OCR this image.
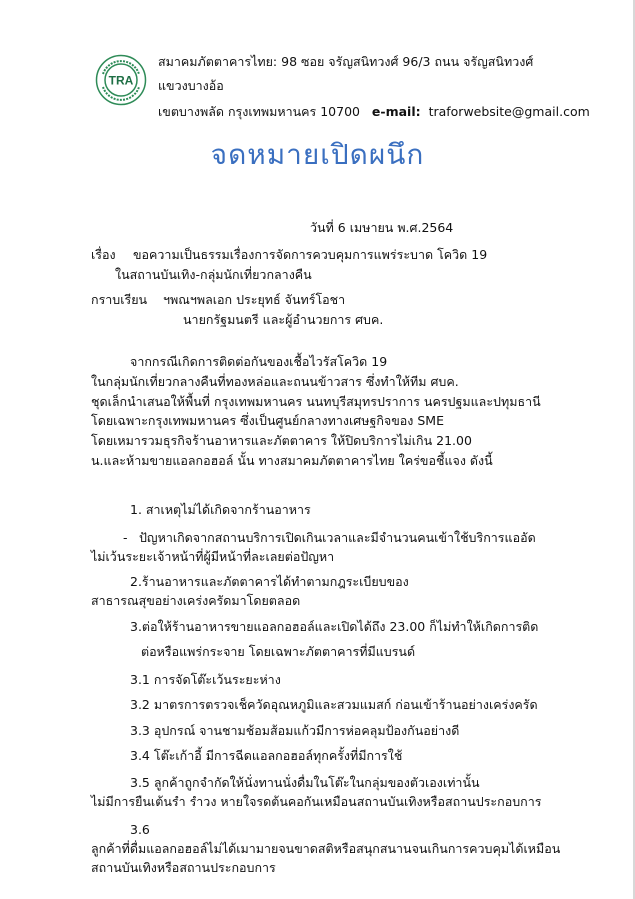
TRA
สมาคมภัตตาคารไทย: 98 ซอย จรัญสนิทวงศ์ 96/3 ถนน จรัญสนิทวงศ์
แขวงบางอ้อ
เขตบางพลัด กรุงเทพมหานคร 10700 e-mail: traforwebsite@gmail.com
จดหมายเปิดผนึก
วันที่ 6 เมษายน พ.ศ.2564
เรื่อง ขอความเป็นธรรมเรื่องการจัดการควบคุมการแพร่ระบาด โควิด 19
ในสถานบันเทิง-กลุ่มนักเที่ยวกลางคืน
กราบเรียน ฯพณฯพลเอก ประยุทธ์ จันทร์โอชา
นายกรัฐมนตรี และผู้อำนวยการ ศบค.
จากกรณีเกิดการติดต่อกันของเชื้อไวรัสโควิด 19
ในกลุ่มนักเที่ยวกลางคืนที่ทองหล่อและถนนข้าวสาร ซึ่งทำให้ทีม ศบค.
ชุดเล็กนำเสนอให้พื้นที่ กรุงเทพมหานคร นนทบุรีสมุทรปราการ นครปฐมและปทุมธานี
โดยเฉพาะกรุงเทพมหานคร ซึ่งเป็นศูนย์กลางทางเศษฐกิจของ SME
โดยเหมารวมธุรกิจร้านอาหารและภัตตาคาร ให้ปิดบริการไม่เกิน 21.00
น.และห้ามขายแอลกอฮอล์ นั้น ทางสมาคมภัตตาคารไทย ใคร่ขอชี้แจง ดังนี้
1. สาเหตุไม่ได้เกิดจากร้านอาหาร
- ปัญหาเกิดจากสถานบริการเปิดเกินเวลาและมีจำนวนคนเข้าใช้บริการแออัด
ไม่เว้นระยะเจ้าหน้าที่ผู้มีหน้าที่ละเลยต่อปัญหา
2.ร้านอาหารและภัตตาคารได้ทำตามกฎระเบียบของ
สาธารณสุขอย่างเคร่งครัดมาโดยตลอด
3.ต่อให้ร้านอาหารขายแอลกอฮอล์และเปิดได้ถึง 23.00 ก็ไม่ทำให้เกิดการติด
ต่อหรือแพร่กระจาย โดยเฉพาะภัตตาคารที่มีแบรนด์
3.1 การจัดโต๊ะเว้นระยะห่าง
3.2 มาตรการตรวจเช็ควัดอุณหภูมิและสวมแมสก์ ก่อนเข้าร้านอย่างเคร่งครัด
3.3 อุปกรณ์ จานชามช้อมส้อมแก้วมีการห่อคลุมป้องกันอย่างดี
3.4 โต๊ะเก้าอี้ มีการฉีดแอลกอฮอล์ทุกครั้งที่มีการใช้
3.5 ลูกค้าถูกจำกัดให้นั่งทานนั่งดื่มในโต๊ะในกลุ่มของตัวเองเท่านั้น
ไม่มีการยืนเต้นรำ รำวง หายใจรดต้นคอกันเหมือนสถานบันเทิงหรือสถานประกอบการ
3.6
ลูกค้าที่ดื่มแอลกอฮอล์ไม่ได้เมามายจนขาดสติหรือสนุกสนานจนเกินการควบคุมได้เหมือน
สถานบันเทิงหรือสถานประกอบการ
